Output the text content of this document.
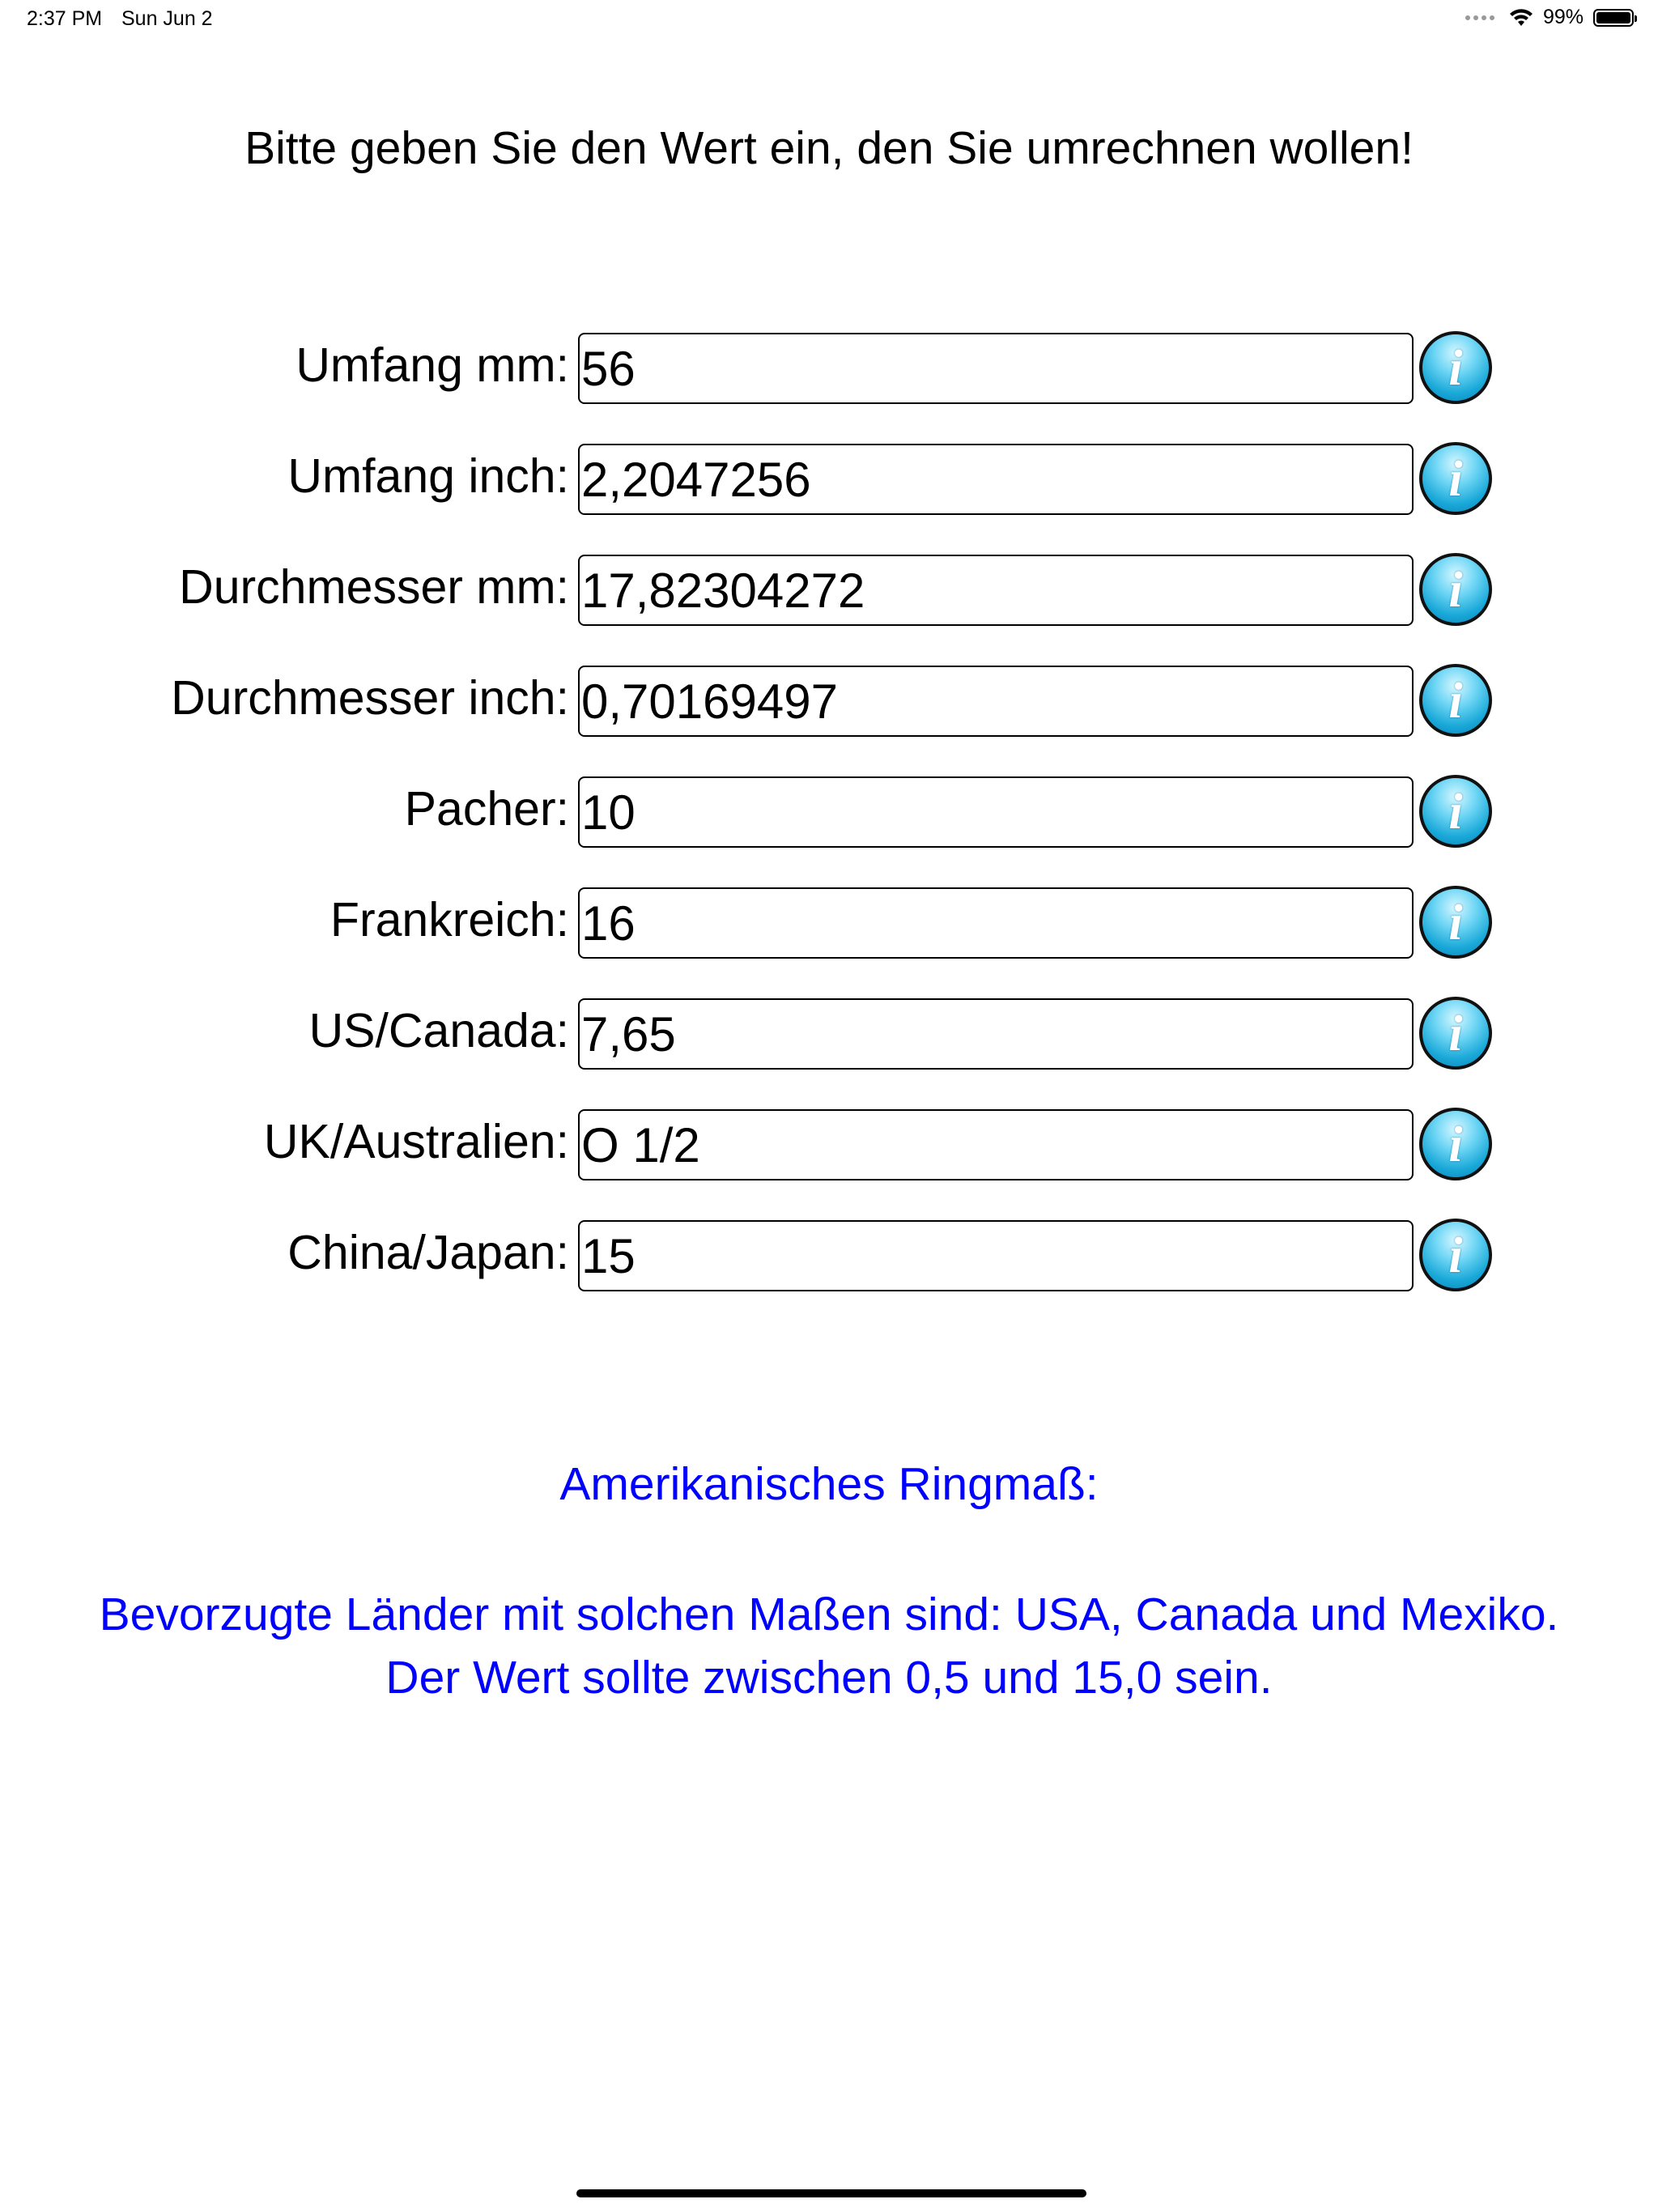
2:37 PM Sun Jun 2	99%
Bitte geben Sie den Wert ein, den Sie umrechnen wollen!
Umfang mm:
56	i
Umfang inch:
2,2047256	i
Durchmesser mm:
17,82304272	i
Durchmesser inch:
0,70169497	i
Pacher:
10	i
Frankreich:
16	i
US/Canada:
7,65	i
UK/Australien:
O 1/2	i
China/Japan:
15	i
Amerikanisches Ringmaß:
Bevorzugte Länder mit solchen Maßen sind: USA, Canada und Mexiko.
Der Wert sollte zwischen 0,5 und 15,0 sein.
